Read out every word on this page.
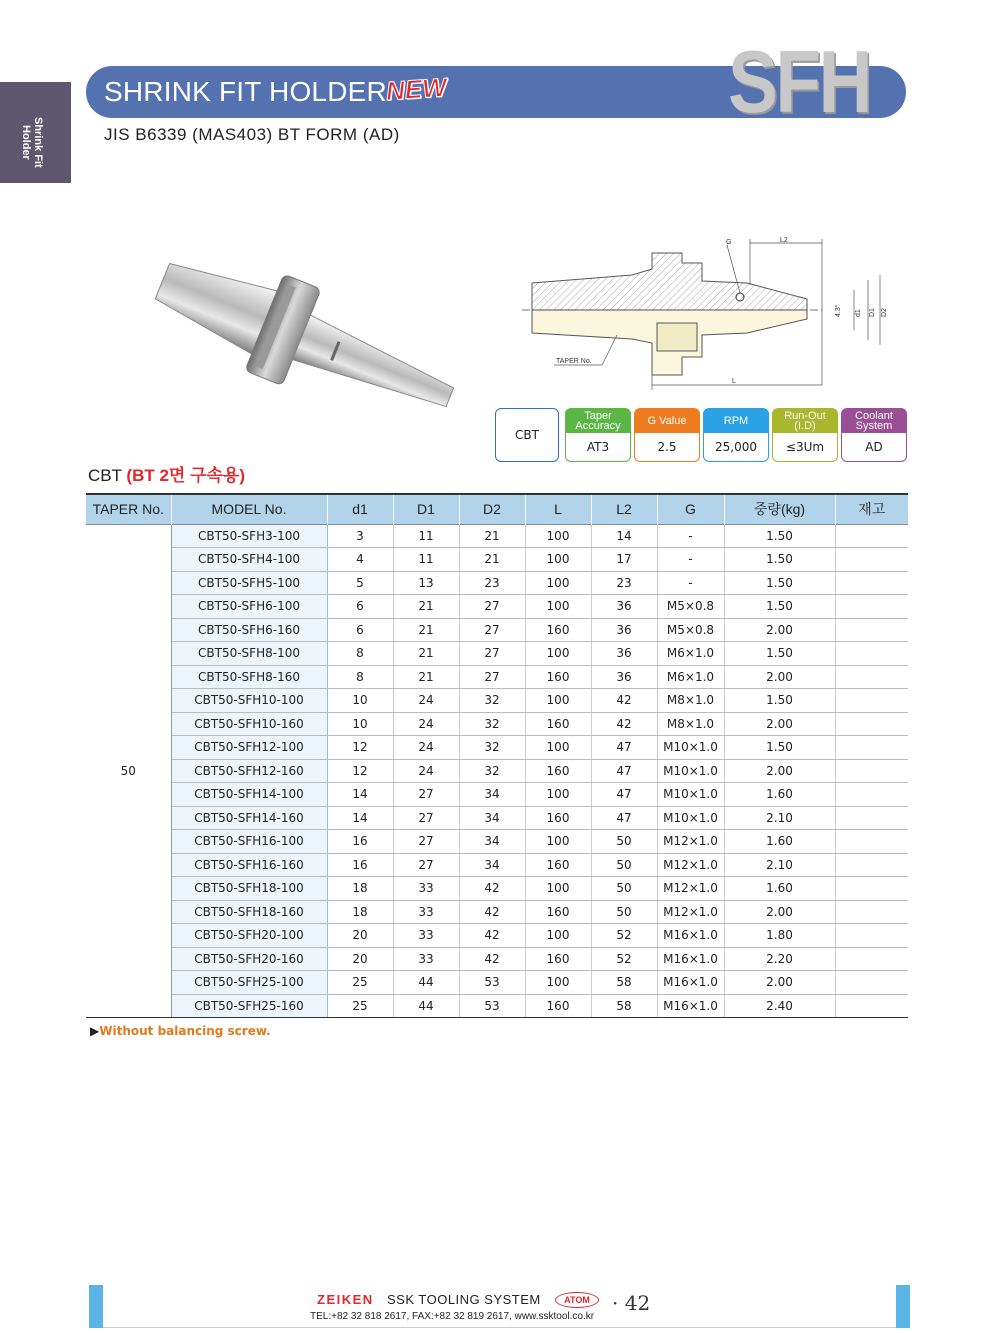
Shrink Fit Holder
SHRINK FIT HOLDER
NEW	SFH
JIS B6339 (MAS403) BT FORM (AD)
G	L2
4.3° d1 D1 D2
TAPER No.
L
CBT
Taper Accuracy
AT3
G Value
2.5
RPM
25,000
Run-Out (I.D)
≤3Um
Coolant System
AD
CBT (BT 2면 구속용)
TAPER No.	MODEL No.	d1	D1	D2	L	L2	G	중량(kg)	재고
50	CBT50-SFH3-100	3	11	21	100	14	-	1.50	
	CBT50-SFH4-100	4	11	21	100	17	-	1.50	
	CBT50-SFH5-100	5	13	23	100	23	-	1.50	
	CBT50-SFH6-100	6	21	27	100	36	M5×0.8	1.50	
	CBT50-SFH6-160	6	21	27	160	36	M5×0.8	2.00	
	CBT50-SFH8-100	8	21	27	100	36	M6×1.0	1.50	
	CBT50-SFH8-160	8	21	27	160	36	M6×1.0	2.00	
	CBT50-SFH10-100	10	24	32	100	42	M8×1.0	1.50	
	CBT50-SFH10-160	10	24	32	160	42	M8×1.0	2.00	
	CBT50-SFH12-100	12	24	32	100	47	M10×1.0	1.50	
	CBT50-SFH12-160	12	24	32	160	47	M10×1.0	2.00	
	CBT50-SFH14-100	14	27	34	100	47	M10×1.0	1.60	
	CBT50-SFH14-160	14	27	34	160	47	M10×1.0	2.10	
	CBT50-SFH16-100	16	27	34	100	50	M12×1.0	1.60	
	CBT50-SFH16-160	16	27	34	160	50	M12×1.0	2.10	
	CBT50-SFH18-100	18	33	42	100	50	M12×1.0	1.60	
	CBT50-SFH18-160	18	33	42	160	50	M12×1.0	2.00	
	CBT50-SFH20-100	20	33	42	100	52	M16×1.0	1.80	
	CBT50-SFH20-160	20	33	42	160	52	M16×1.0	2.20	
	CBT50-SFH25-100	25	44	53	100	58	M16×1.0	2.00	
	CBT50-SFH25-160	25	44	53	160	58	M16×1.0	2.40	
▶Without balancing screw.
ZEIKEN SSK TOOLING SYSTEM	ATOM	· 42
TEL:+82 32 818 2617, FAX:+82 32 819 2617, www.ssktool.co.kr
